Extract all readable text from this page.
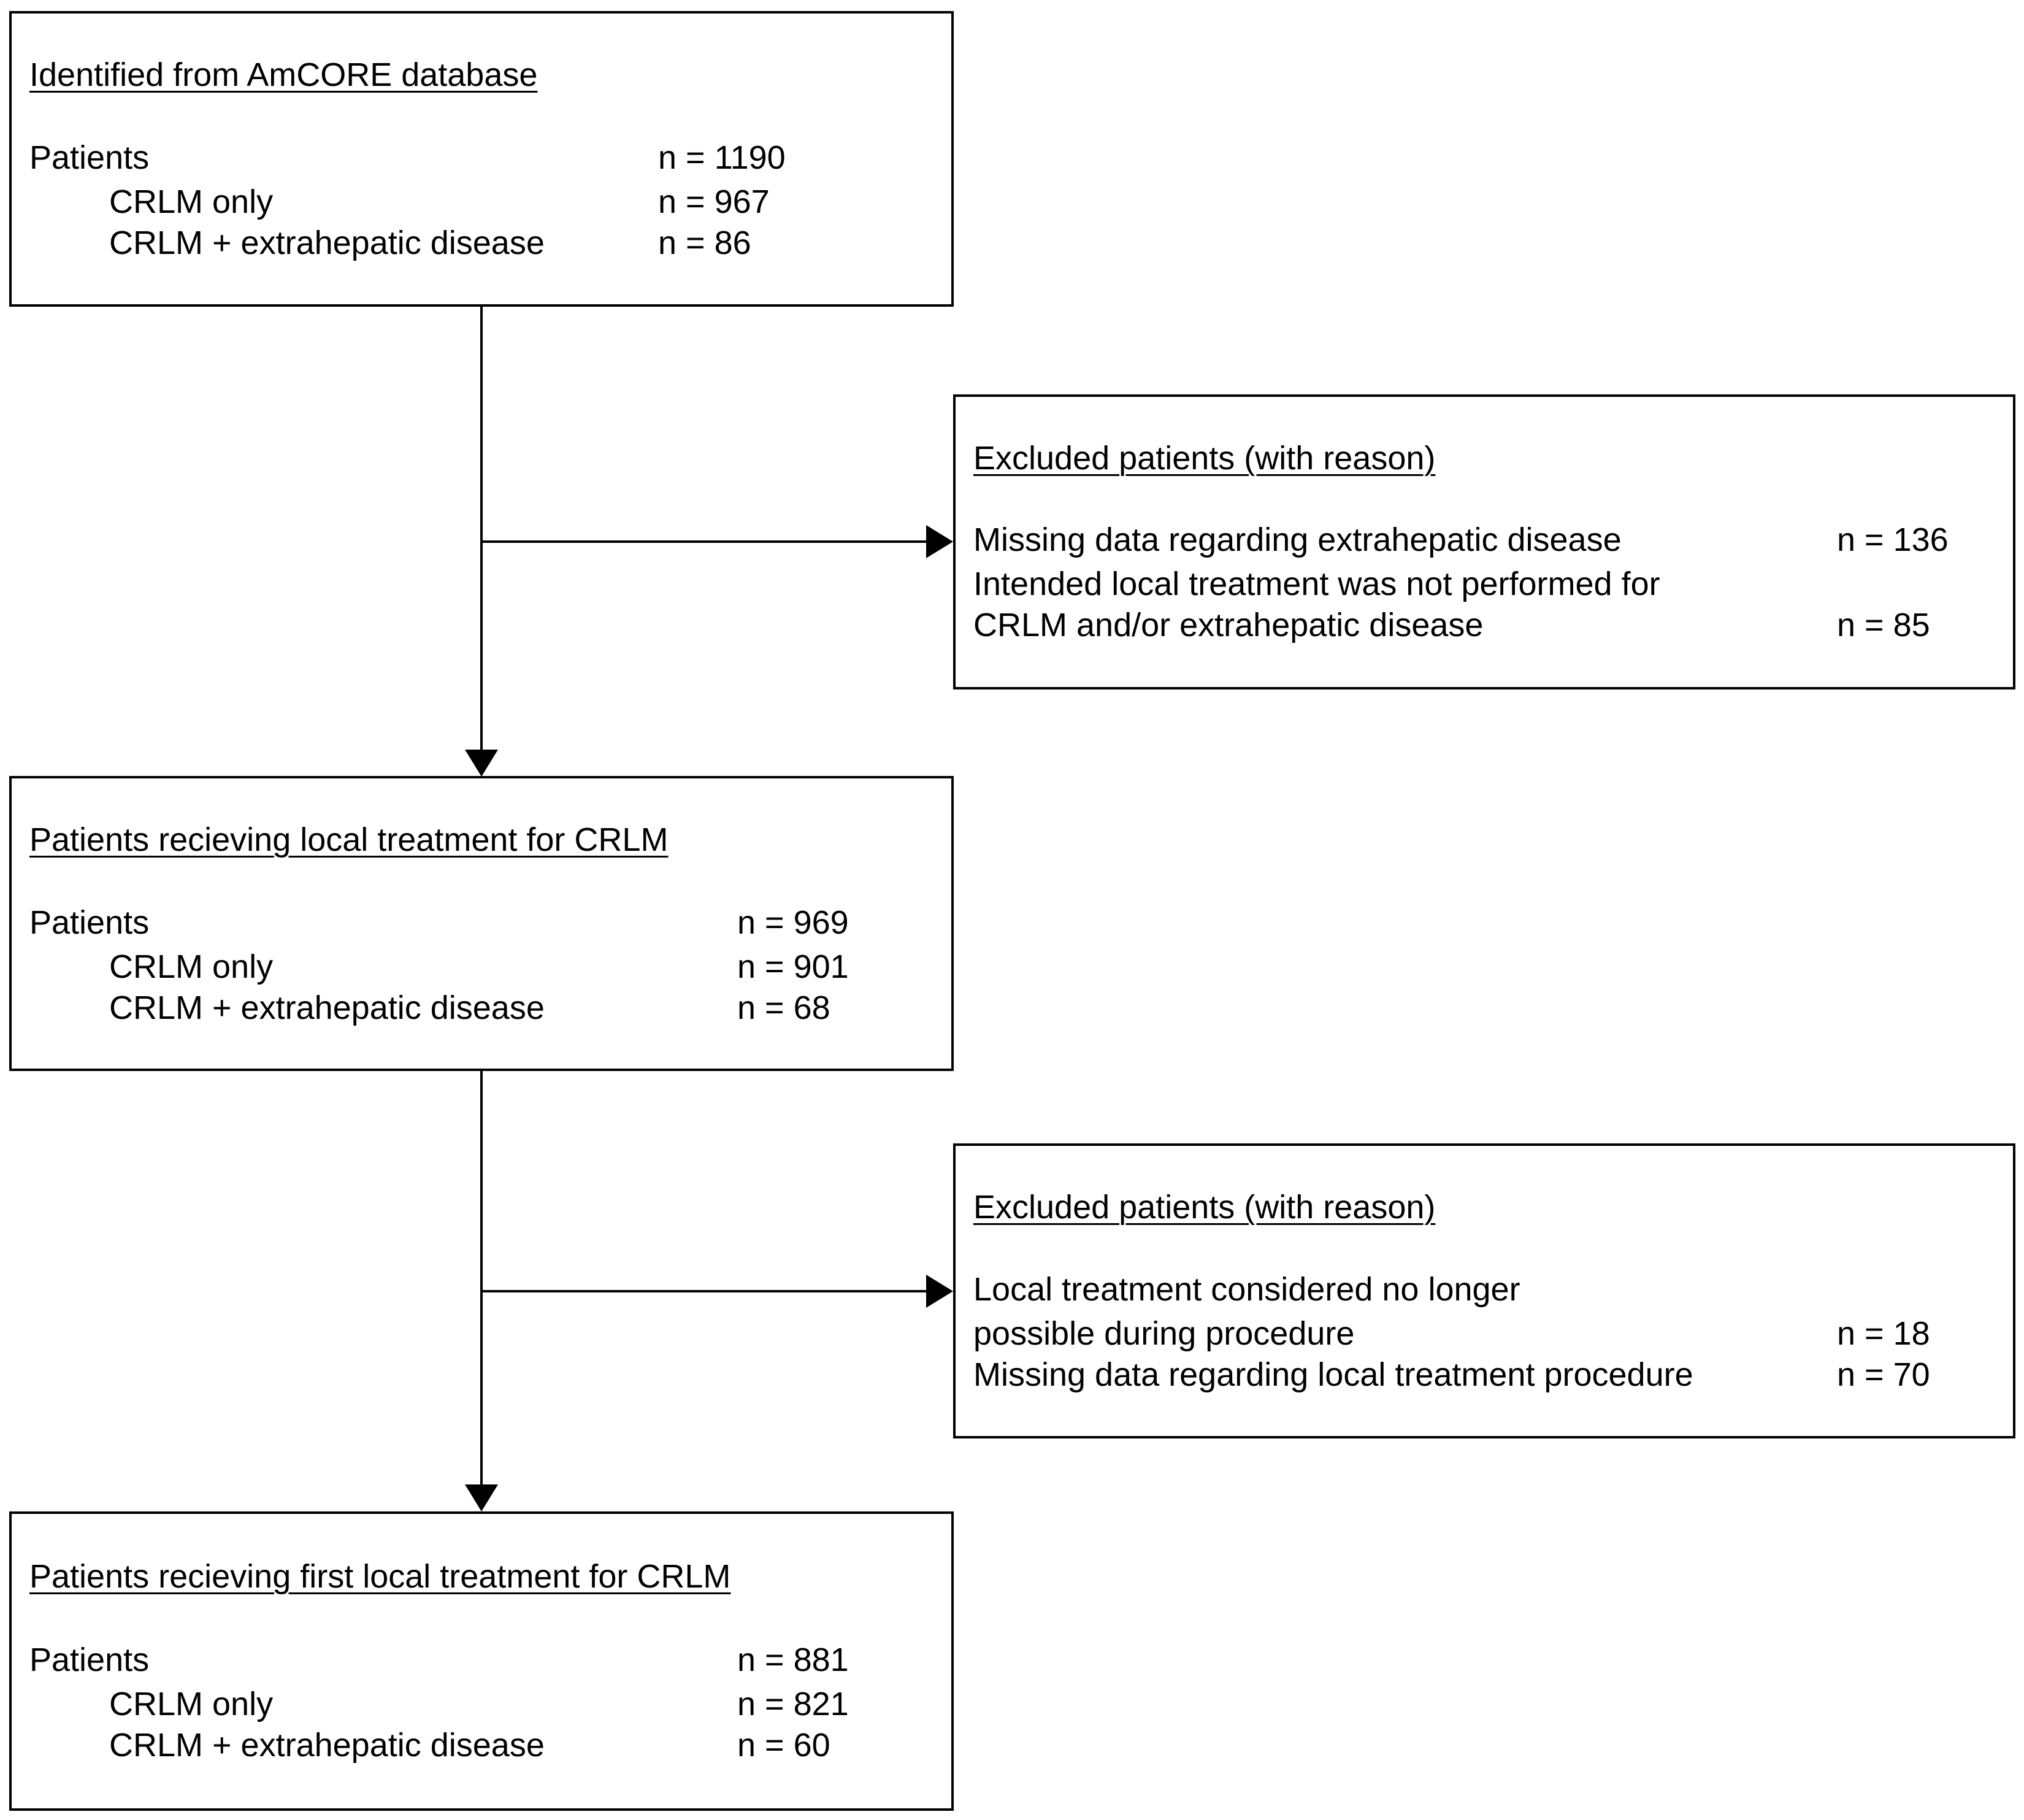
Identified from AmCORE database
Patients	n = 1190
CRLM only	n = 967
CRLM + extrahepatic disease	n = 86
Excluded patients (with reason)
Missing data regarding extrahepatic disease	n = 136
Intended local treatment was not performed for
CRLM and/or extrahepatic disease	n = 85
Patients recieving local treatment for CRLM
Patients	n = 969
CRLM only	n = 901
CRLM + extrahepatic disease	n = 68
Excluded patients (with reason)
Local treatment considered no longer
possible during procedure	n = 18
Missing data regarding local treatment procedure	n = 70
Patients recieving first local treatment for CRLM
Patients	n = 881
CRLM only	n = 821
CRLM + extrahepatic disease	n = 60
